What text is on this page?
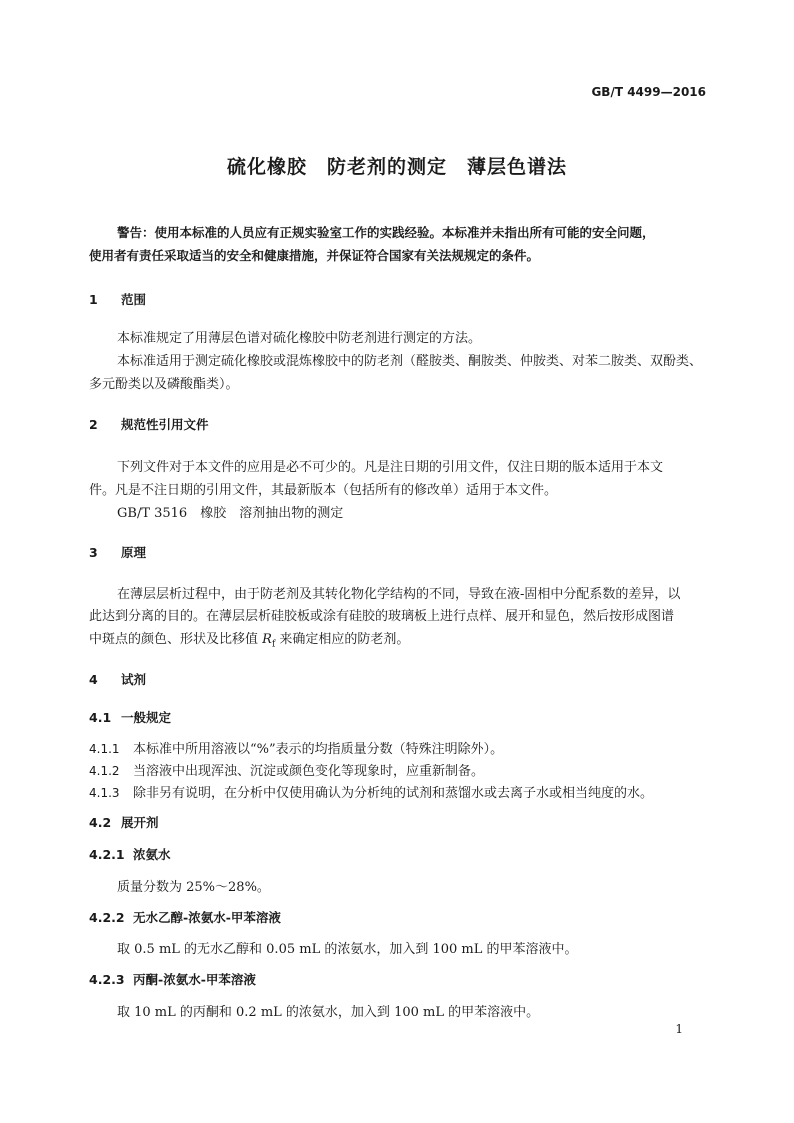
GB/T 4499—2016
硫化橡胶　防老剂的测定　薄层色谱法
警告：使用本标准的人员应有正规实验室工作的实践经验。本标准并未指出所有可能的安全问题，
使用者有责任采取适当的安全和健康措施，并保证符合国家有关法规规定的条件。
1 范围
本标准规定了用薄层色谱对硫化橡胶中防老剂进行测定的方法。
本标准适用于测定硫化橡胶或混炼橡胶中的防老剂（醛胺类、酮胺类、仲胺类、对苯二胺类、双酚类、
多元酚类以及磷酸酯类）。
2 规范性引用文件
下列文件对于本文件的应用是必不可少的。凡是注日期的引用文件，仅注日期的版本适用于本文
件。凡是不注日期的引用文件，其最新版本（包括所有的修改单）适用于本文件。
GB/T 3516　橡胶　溶剂抽出物的测定
3 原理
在薄层层析过程中，由于防老剂及其转化物化学结构的不同，导致在液-固相中分配系数的差异，以
此达到分离的目的。在薄层层析硅胶板或涂有硅胶的玻璃板上进行点样、展开和显色，然后按形成图谱
中斑点的颜色、形状及比移值 $R_f$ 来确定相应的防老剂。
4 试剂
4.1 一般规定
4.1.1 本标准中所用溶液以“%”表示的均指质量分数（特殊注明除外）。
4.1.2 当溶液中出现浑浊、沉淀或颜色变化等现象时，应重新制备。
4.1.3 除非另有说明，在分析中仅使用确认为分析纯的试剂和蒸馏水或去离子水或相当纯度的水。
4.2 展开剂
4.2.1 浓氨水
质量分数为 25%～28%。
4.2.2 无水乙醇-浓氨水-甲苯溶液
取 0.5 mL 的无水乙醇和 0.05 mL 的浓氨水，加入到 100 mL 的甲苯溶液中。
4.2.3 丙酮-浓氨水-甲苯溶液
取 10 mL 的丙酮和 0.2 mL 的浓氨水，加入到 100 mL 的甲苯溶液中。
1
